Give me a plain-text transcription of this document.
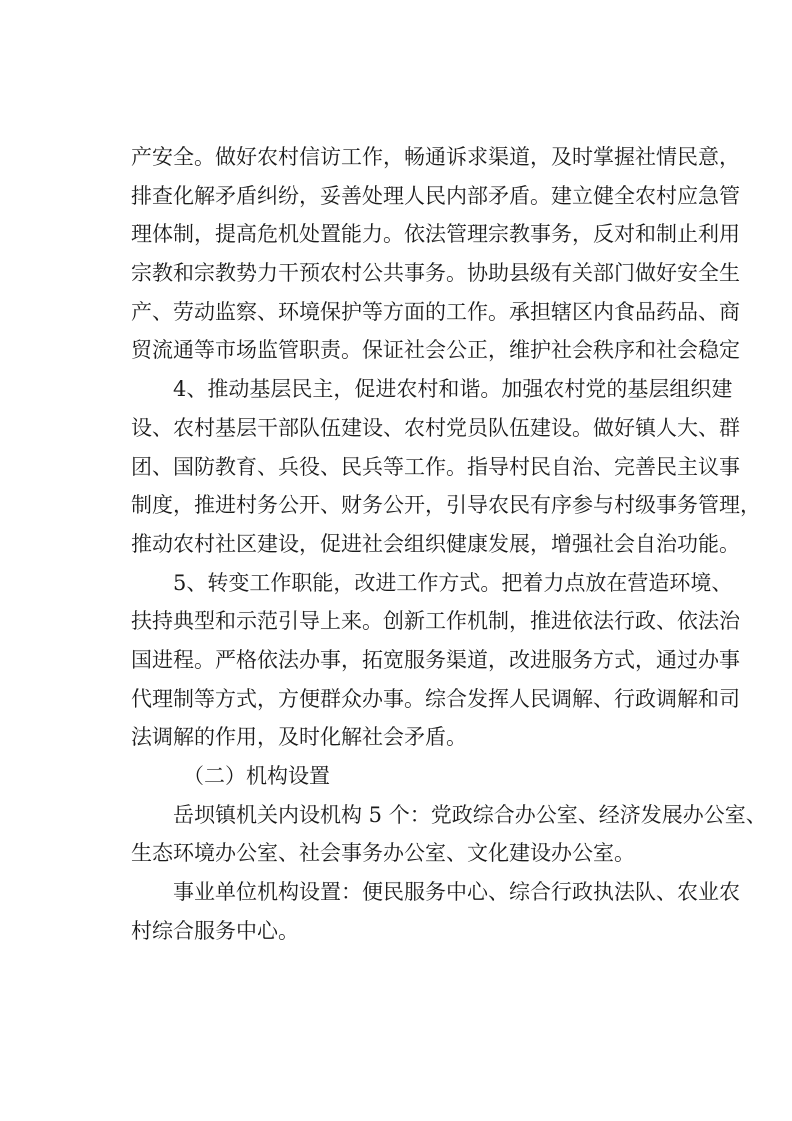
产安全。做好农村信访工作，畅通诉求渠道，及时掌握社情民意，
排查化解矛盾纠纷，妥善处理人民内部矛盾。建立健全农村应急管
理体制，提高危机处置能力。依法管理宗教事务，反对和制止利用
宗教和宗教势力干预农村公共事务。协助县级有关部门做好安全生
产、劳动监察、环境保护等方面的工作。承担辖区内食品药品、商
贸流通等市场监管职责。保证社会公正，维护社会秩序和社会稳定
4、推动基层民主，促进农村和谐。加强农村党的基层组织建
设、农村基层干部队伍建设、农村党员队伍建设。做好镇人大、群
团、国防教育、兵役、民兵等工作。指导村民自治、完善民主议事
制度，推进村务公开、财务公开，引导农民有序参与村级事务管理，
推动农村社区建设，促进社会组织健康发展，增强社会自治功能。
5、转变工作职能，改进工作方式。把着力点放在营造环境、
扶持典型和示范引导上来。创新工作机制，推进依法行政、依法治
国进程。严格依法办事，拓宽服务渠道，改进服务方式，通过办事
代理制等方式，方便群众办事。综合发挥人民调解、行政调解和司
法调解的作用，及时化解社会矛盾。
（二）机构设置
岳坝镇机关内设机构 5 个：党政综合办公室、经济发展办公室、
生态环境办公室、社会事务办公室、文化建设办公室。
事业单位机构设置：便民服务中心、综合行政执法队、农业农
村综合服务中心。
